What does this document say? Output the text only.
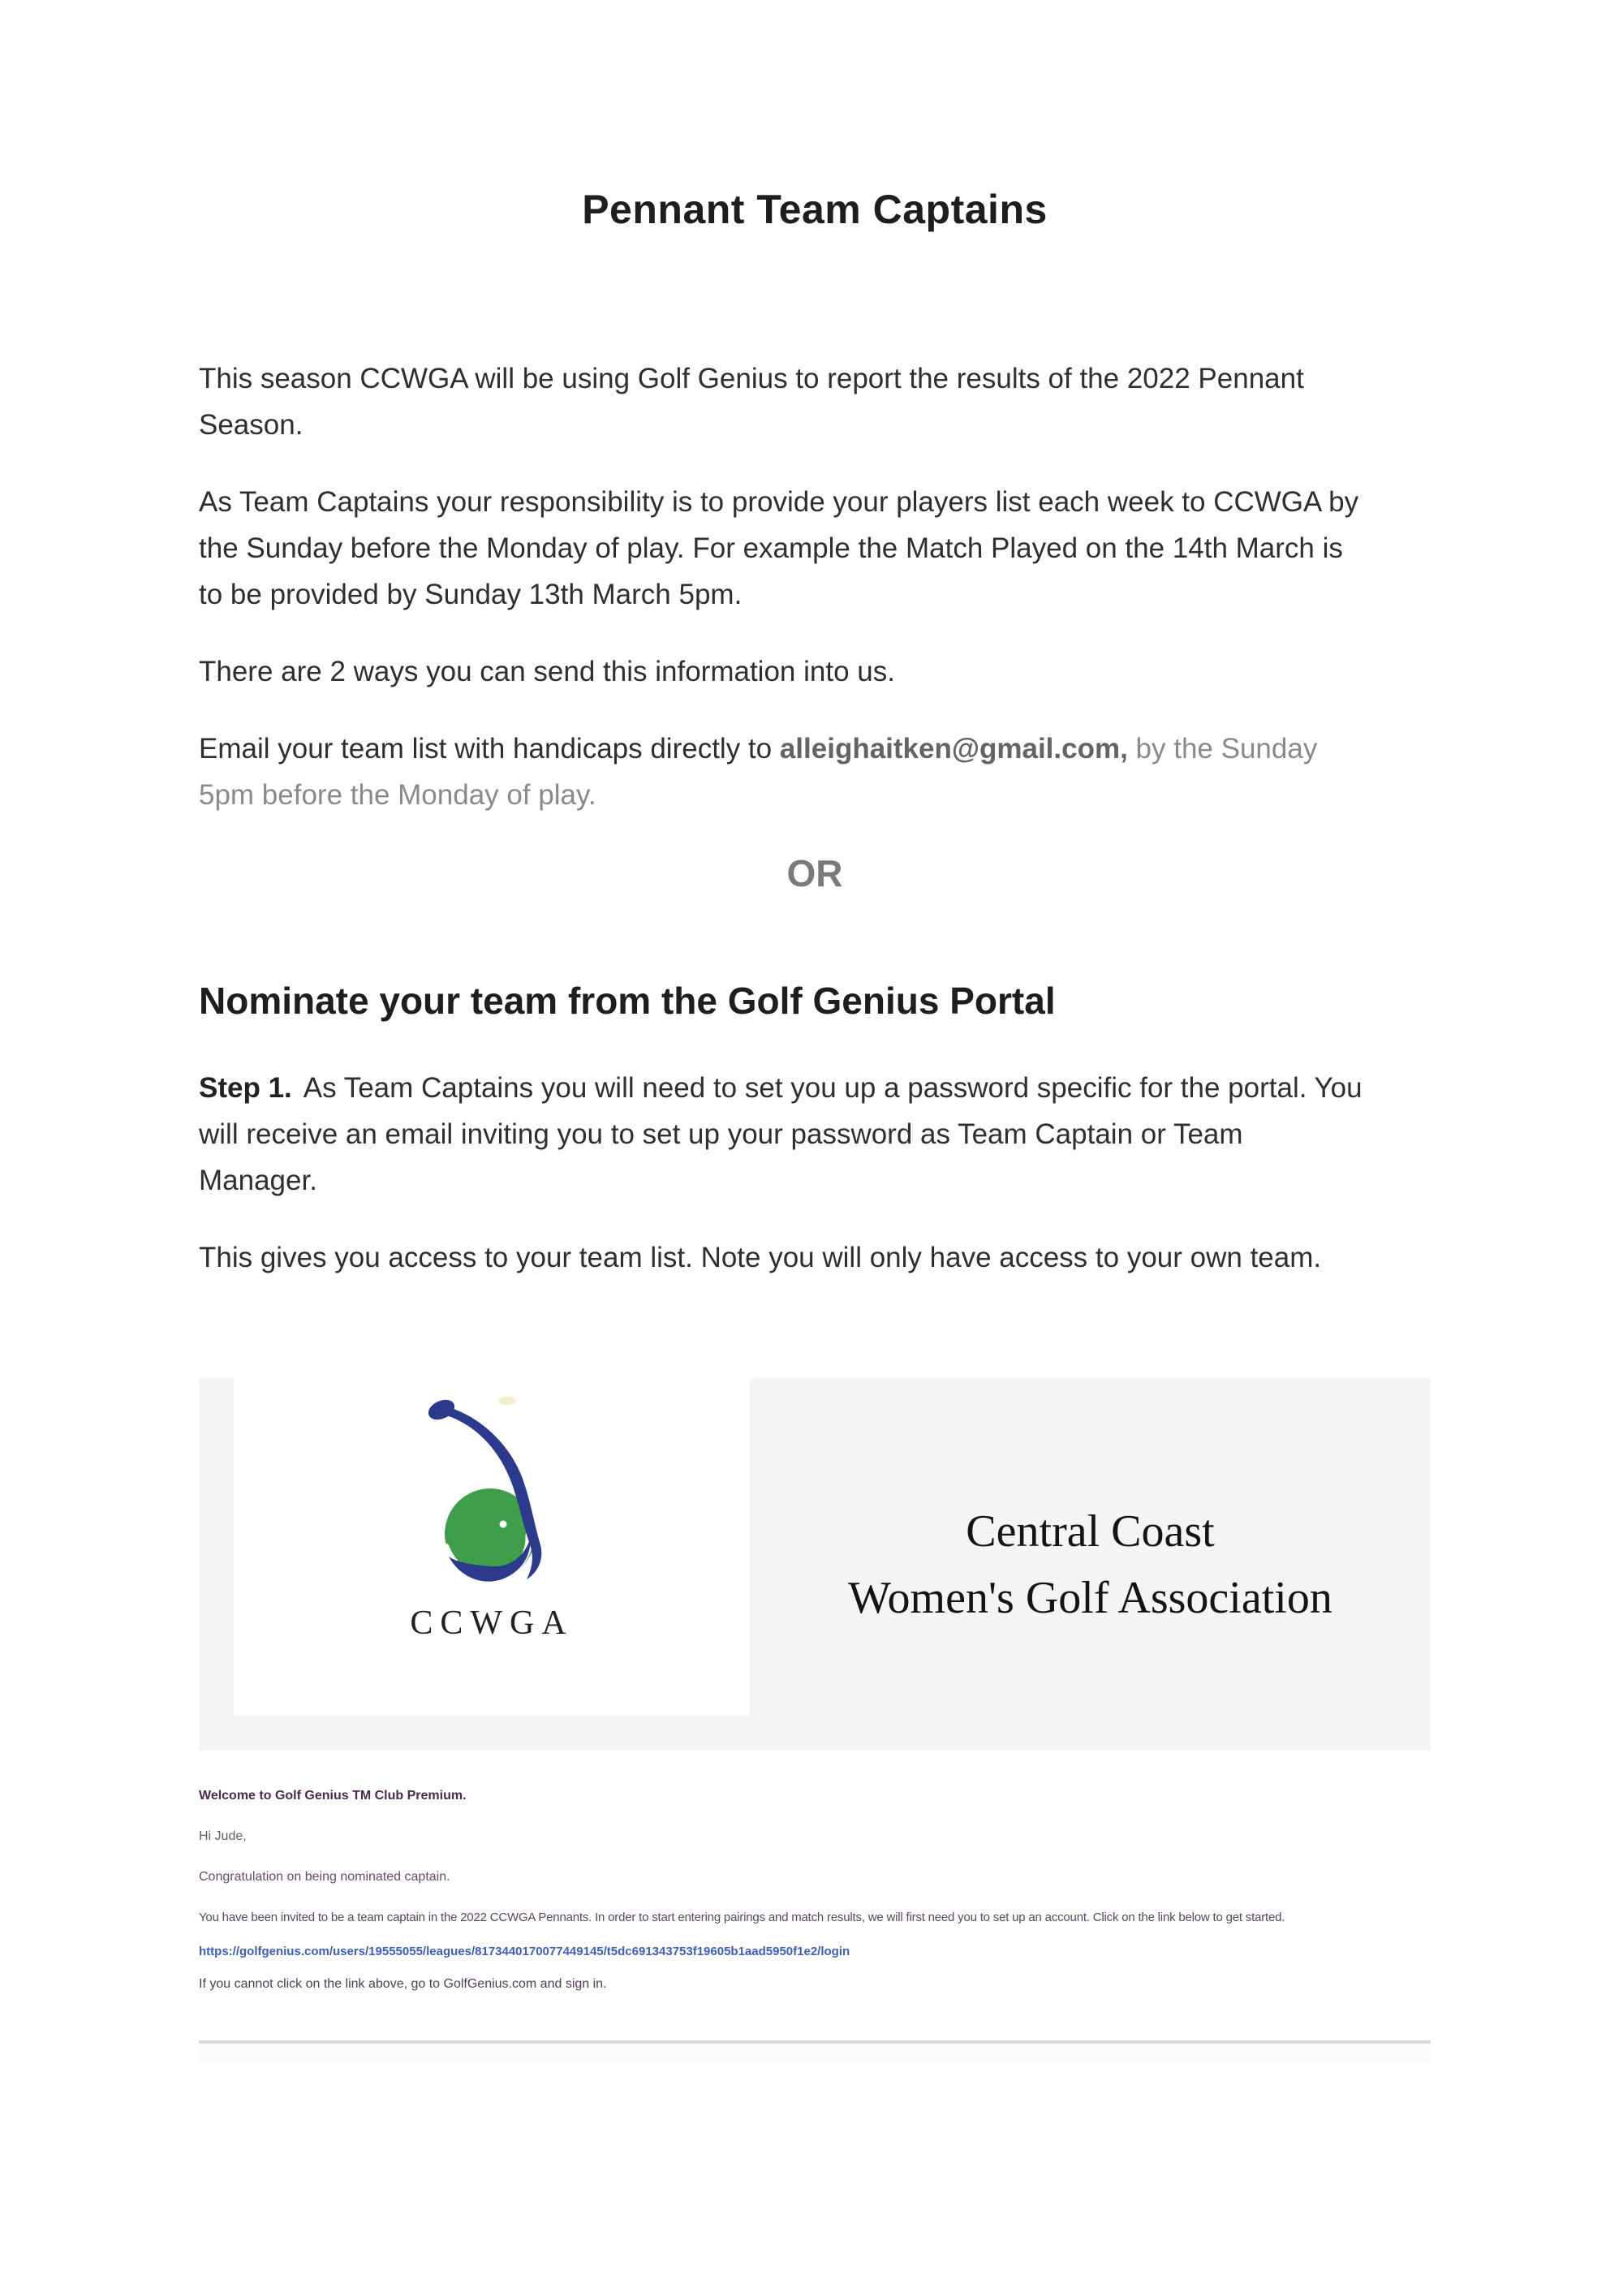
Pennant Team Captains
This season CCWGA will be using Golf Genius to report the results of the 2022 Pennant
Season.
As Team Captains your responsibility is to provide your players list each week to CCWGA by
the Sunday before the Monday of play. For example the Match Played on the 14th March is
to be provided by Sunday 13th March 5pm.
There are 2 ways you can send this information into us.
Email your team list with handicaps directly to alleighaitken@gmail.com, by the Sunday
5pm before the Monday of play.
OR
Nominate your team from the Golf Genius Portal
Step 1. As Team Captains you will need to set you up a password specific for the portal. You
will receive an email inviting you to set up your password as Team Captain or Team
Manager.
This gives you access to your team list. Note you will only have access to your own team.
CCWGA
Central Coast
Women's Golf Association
Welcome to Golf Genius TM Club Premium.
Hi Jude,
Congratulation on being nominated captain.
You have been invited to be a team captain in the 2022 CCWGA Pennants. In order to start entering pairings and match results, we will first need you to set up an account. Click on the link below to get started.
https://golfgenius.com/users/19555055/leagues/8173440170077449145/t5dc691343753f19605b1aad5950f1e2/login
If you cannot click on the link above, go to GolfGenius.com and sign in.
